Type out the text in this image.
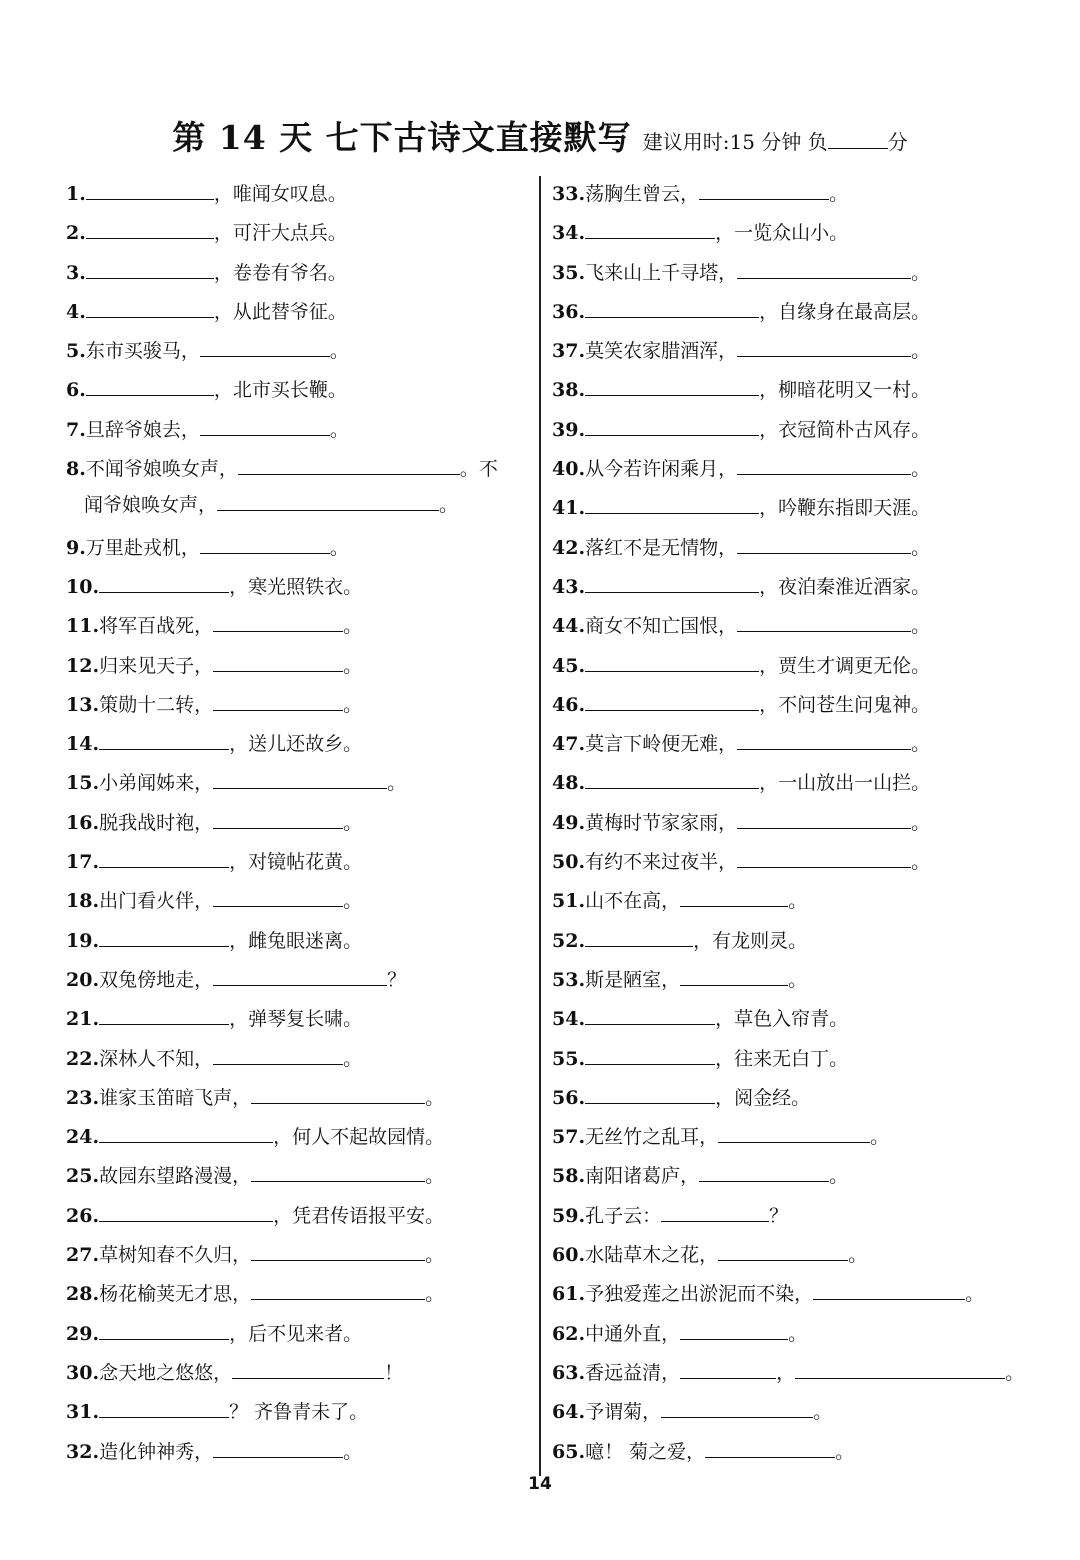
第 14 天 七下古诗文直接默写 建议用时:15 分钟 负	分
1.	，唯闻女叹息。
2.	，可汗大点兵。
3.	，卷卷有爷名。
4.	，从此替爷征。
5.东市买骏马，	。
6.	，北市买长鞭。
7.旦辞爷娘去，	。
8.不闻爷娘唤女声，	。不
闻爷娘唤女声，	。
9.万里赴戎机，	。
10.	，寒光照铁衣。
11.将军百战死，	。
12.归来见天子，	。
13.策勋十二转，	。
14.	，送儿还故乡。
15.小弟闻姊来，	。
16.脱我战时袍，	。
17.	，对镜帖花黄。
18.出门看火伴，	。
19.	，雌兔眼迷离。
20.双兔傍地走，	？
21.	，弹琴复长啸。
22.深林人不知，	。
23.谁家玉笛暗飞声，	。
24.	，何人不起故园情。
25.故园东望路漫漫，	。
26.	，凭君传语报平安。
27.草树知春不久归，	。
28.杨花榆荚无才思，	。
29.	，后不见来者。
30.念天地之悠悠，	！
31.	？ 齐鲁青未了。
32.造化钟神秀，	。
33.荡胸生曾云，	。
34.	，一览众山小。
35.飞来山上千寻塔，	。
36.	，自缘身在最高层。
37.莫笑农家腊酒浑，	。
38.	，柳暗花明又一村。
39.	，衣冠简朴古风存。
40.从今若许闲乘月，	。
41.	，吟鞭东指即天涯。
42.落红不是无情物，	。
43.	，夜泊秦淮近酒家。
44.商女不知亡国恨，	。
45.	，贾生才调更无伦。
46.	，不问苍生问鬼神。
47.莫言下岭便无难，	。
48.	，一山放出一山拦。
49.黄梅时节家家雨，	。
50.有约不来过夜半，	。
51.山不在高，	。
52.	，有龙则灵。
53.斯是陋室，	。
54.	，草色入帘青。
55.	，往来无白丁。
56.	，阅金经。
57.无丝竹之乱耳，	。
58.南阳诸葛庐，	。
59.孔子云：	？
60.水陆草木之花，	。
61.予独爱莲之出淤泥而不染，	。
62.中通外直，	。
63.香远益清，	，	。
64.予谓菊，	。
65.噫！ 菊之爱，	。
14
